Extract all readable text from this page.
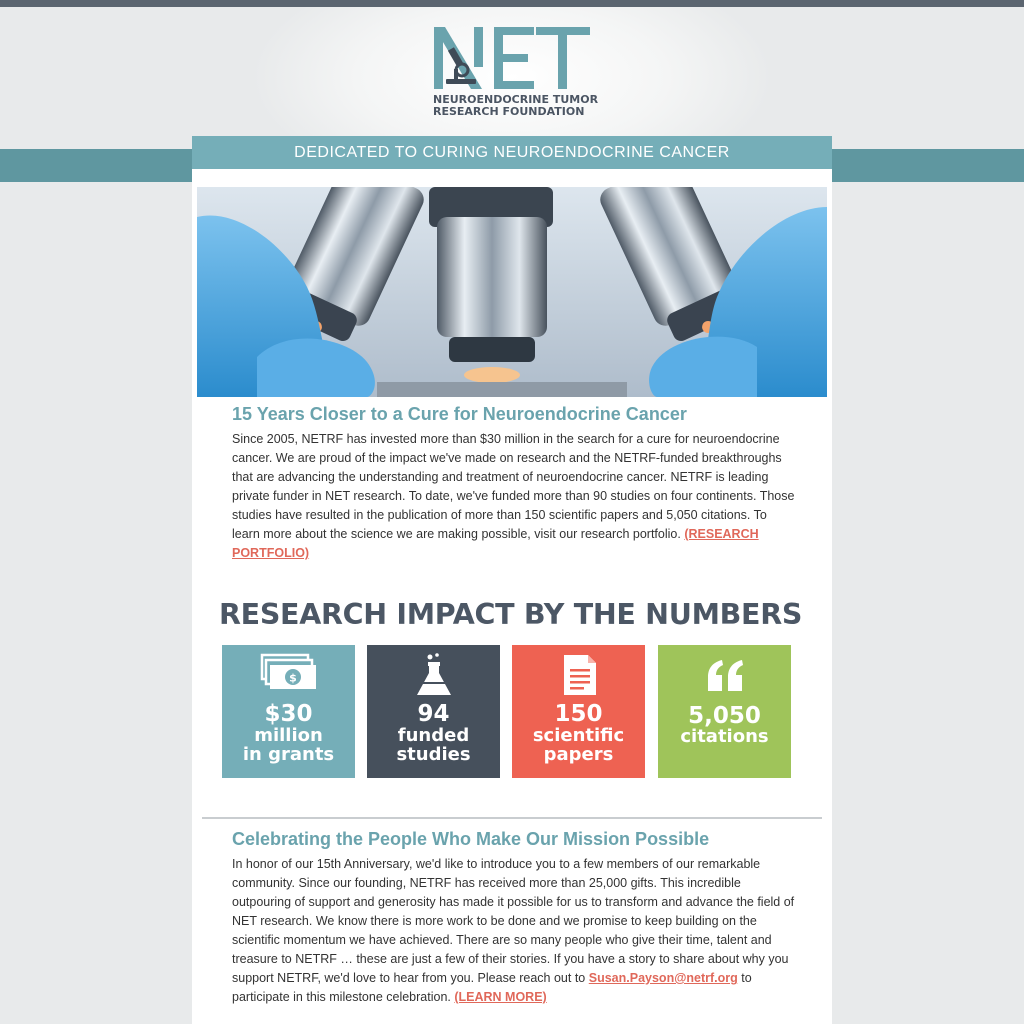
NEUROENDOCRINE TUMOR
RESEARCH FOUNDATION
DEDICATED TO CURING NEUROENDOCRINE CANCER
15 Years Closer to a Cure for Neuroendocrine Cancer

Since 2005, NETRF has invested more than $30 million in the search for a cure for neuroendocrine cancer. We are proud of the impact we've made on research and the NETRF-funded breakthroughs that are advancing the understanding and treatment of neuroendocrine cancer. NETRF is leading private funder in NET research. To date, we've funded more than 90 studies on four continents. Those studies have resulted in the publication of more than 150 scientific papers and 5,050 citations. To learn more about the science we are making possible, visit our research portfolio. (RESEARCH PORTFOLIO)

RESEARCH IMPACT BY THE NUMBERS
$
$30
million
in grants
94
funded
studies
150
scientific
papers
5,050
citations
Celebrating the People Who Make Our Mission Possible

In honor of our 15th Anniversary, we'd like to introduce you to a few members of our remarkable community. Since our founding, NETRF has received more than 25,000 gifts. This incredible outpouring of support and generosity has made it possible for us to transform and advance the field of NET research. We know there is more work to be done and we promise to keep building on the scientific momentum we have achieved. There are so many people who give their time, talent and treasure to NETRF … these are just a few of their stories. If you have a story to share about why you support NETRF, we'd love to hear from you. Please reach out to Susan.Payson@netrf.org to participate in this milestone celebration. (LEARN MORE)
